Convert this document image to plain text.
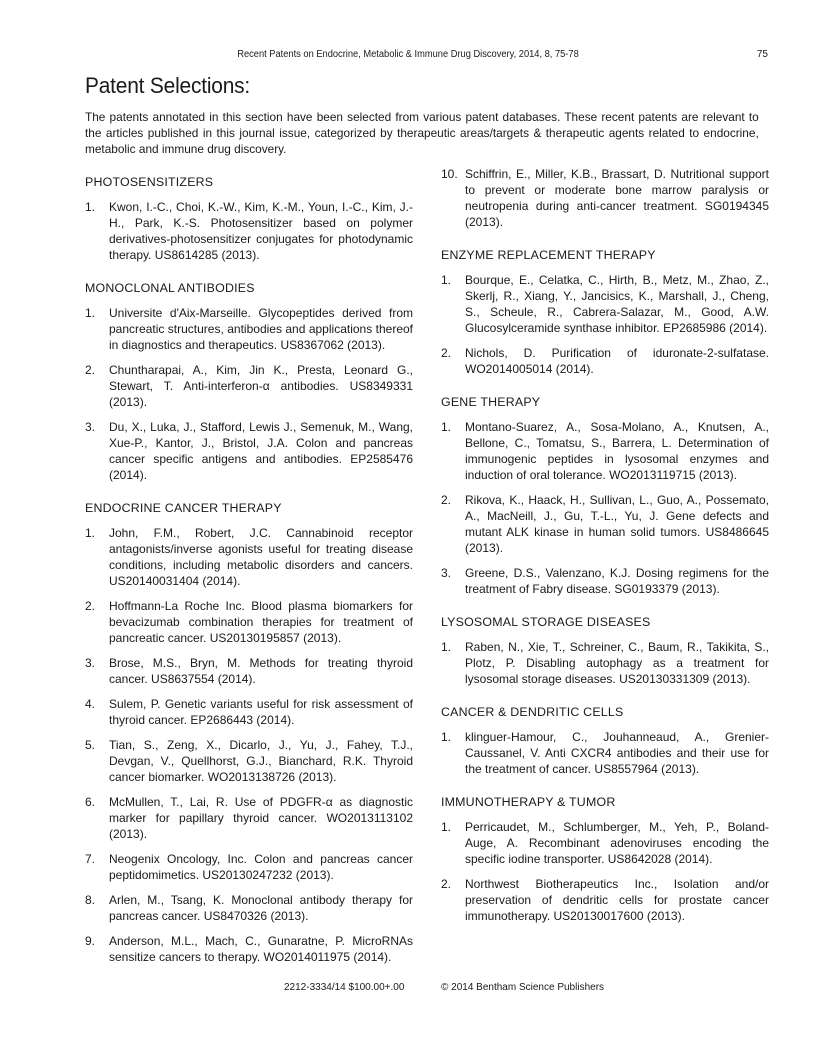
Recent Patents on Endocrine, Metabolic & Immune Drug Discovery, 2014, 8, 75-78	75
Patent Selections:
The patents annotated in this section have been selected from various patent databases. These recent patents are relevant to the articles published in this journal issue, categorized by therapeutic areas/targets & therapeutic agents related to endocrine, metabolic and immune drug discovery.
PHOTOSENSITIZERS
1. Kwon, I.-C., Choi, K.-W., Kim, K.-M., Youn, I.-C., Kim, J.-H., Park, K.-S. Photosensitizer based on polymer derivatives-photosensitizer conjugates for photodynamic therapy. US8614285 (2013).
MONOCLONAL ANTIBODIES
1. Universite d'Aix-Marseille. Glycopeptides derived from pancreatic structures, antibodies and applications thereof in diagnostics and therapeutics. US8367062 (2013).
2. Chuntharapai, A., Kim, Jin K., Presta, Leonard G., Stewart, T. Anti-interferon-α antibodies. US8349331 (2013).
3. Du, X., Luka, J., Stafford, Lewis J., Semenuk, M., Wang, Xue-P., Kantor, J., Bristol, J.A. Colon and pancreas cancer specific antigens and antibodies. EP2585476 (2014).
ENDOCRINE CANCER THERAPY
1. John, F.M., Robert, J.C. Cannabinoid receptor antagonists/inverse agonists useful for treating disease conditions, including metabolic disorders and cancers. US20140031404 (2014).
2. Hoffmann-La Roche Inc. Blood plasma biomarkers for bevacizumab combination therapies for treatment of pancreatic cancer. US20130195857 (2013).
3. Brose, M.S., Bryn, M. Methods for treating thyroid cancer. US8637554 (2014).
4. Sulem, P. Genetic variants useful for risk assessment of thyroid cancer. EP2686443 (2014).
5. Tian, S., Zeng, X., Dicarlo, J., Yu, J., Fahey, T.J., Devgan, V., Quellhorst, G.J., Bianchard, R.K. Thyroid cancer biomarker. WO2013138726 (2013).
6. McMullen, T., Lai, R. Use of PDGFR-α as diagnostic marker for papillary thyroid cancer. WO2013113102 (2013).
7. Neogenix Oncology, Inc. Colon and pancreas cancer peptidomimetics. US20130247232 (2013).
8. Arlen, M., Tsang, K. Monoclonal antibody therapy for pancreas cancer. US8470326 (2013).
9. Anderson, M.L., Mach, C., Gunaratne, P. MicroRNAs sensitize cancers to therapy. WO2014011975 (2014).
10. Schiffrin, E., Miller, K.B., Brassart, D. Nutritional support to prevent or moderate bone marrow paralysis or neutropenia during anti-cancer treatment. SG0194345 (2013).
ENZYME REPLACEMENT THERAPY
1. Bourque, E., Celatka, C., Hirth, B., Metz, M., Zhao, Z., Skerlj, R., Xiang, Y., Jancisics, K., Marshall, J., Cheng, S., Scheule, R., Cabrera-Salazar, M., Good, A.W. Glucosylceramide synthase inhibitor. EP2685986 (2014).
2. Nichols, D. Purification of iduronate-2-sulfatase. WO2014005014 (2014).
GENE THERAPY
1. Montano-Suarez, A., Sosa-Molano, A., Knutsen, A., Bellone, C., Tomatsu, S., Barrera, L. Determination of immunogenic peptides in lysosomal enzymes and induction of oral tolerance. WO2013119715 (2013).
2. Rikova, K., Haack, H., Sullivan, L., Guo, A., Possemato, A., MacNeill, J., Gu, T.-L., Yu, J. Gene defects and mutant ALK kinase in human solid tumors. US8486645 (2013).
3. Greene, D.S., Valenzano, K.J. Dosing regimens for the treatment of Fabry disease. SG0193379 (2013).
LYSOSOMAL STORAGE DISEASES
1. Raben, N., Xie, T., Schreiner, C., Baum, R., Takikita, S., Plotz, P. Disabling autophagy as a treatment for lysosomal storage diseases. US20130331309 (2013).
CANCER & DENDRITIC CELLS
1. klinguer-Hamour, C., Jouhanneaud, A., Grenier-Caussanel, V. Anti CXCR4 antibodies and their use for the treatment of cancer. US8557964 (2013).
IMMUNOTHERAPY & TUMOR
1. Perricaudet, M., Schlumberger, M., Yeh, P., Boland-Auge, A. Recombinant adenoviruses encoding the specific iodine transporter. US8642028 (2014).
2. Northwest Biotherapeutics Inc., Isolation and/or preservation of dendritic cells for prostate cancer immunotherapy. US20130017600 (2013).
2212-3334/14 $100.00+.00	© 2014 Bentham Science Publishers
